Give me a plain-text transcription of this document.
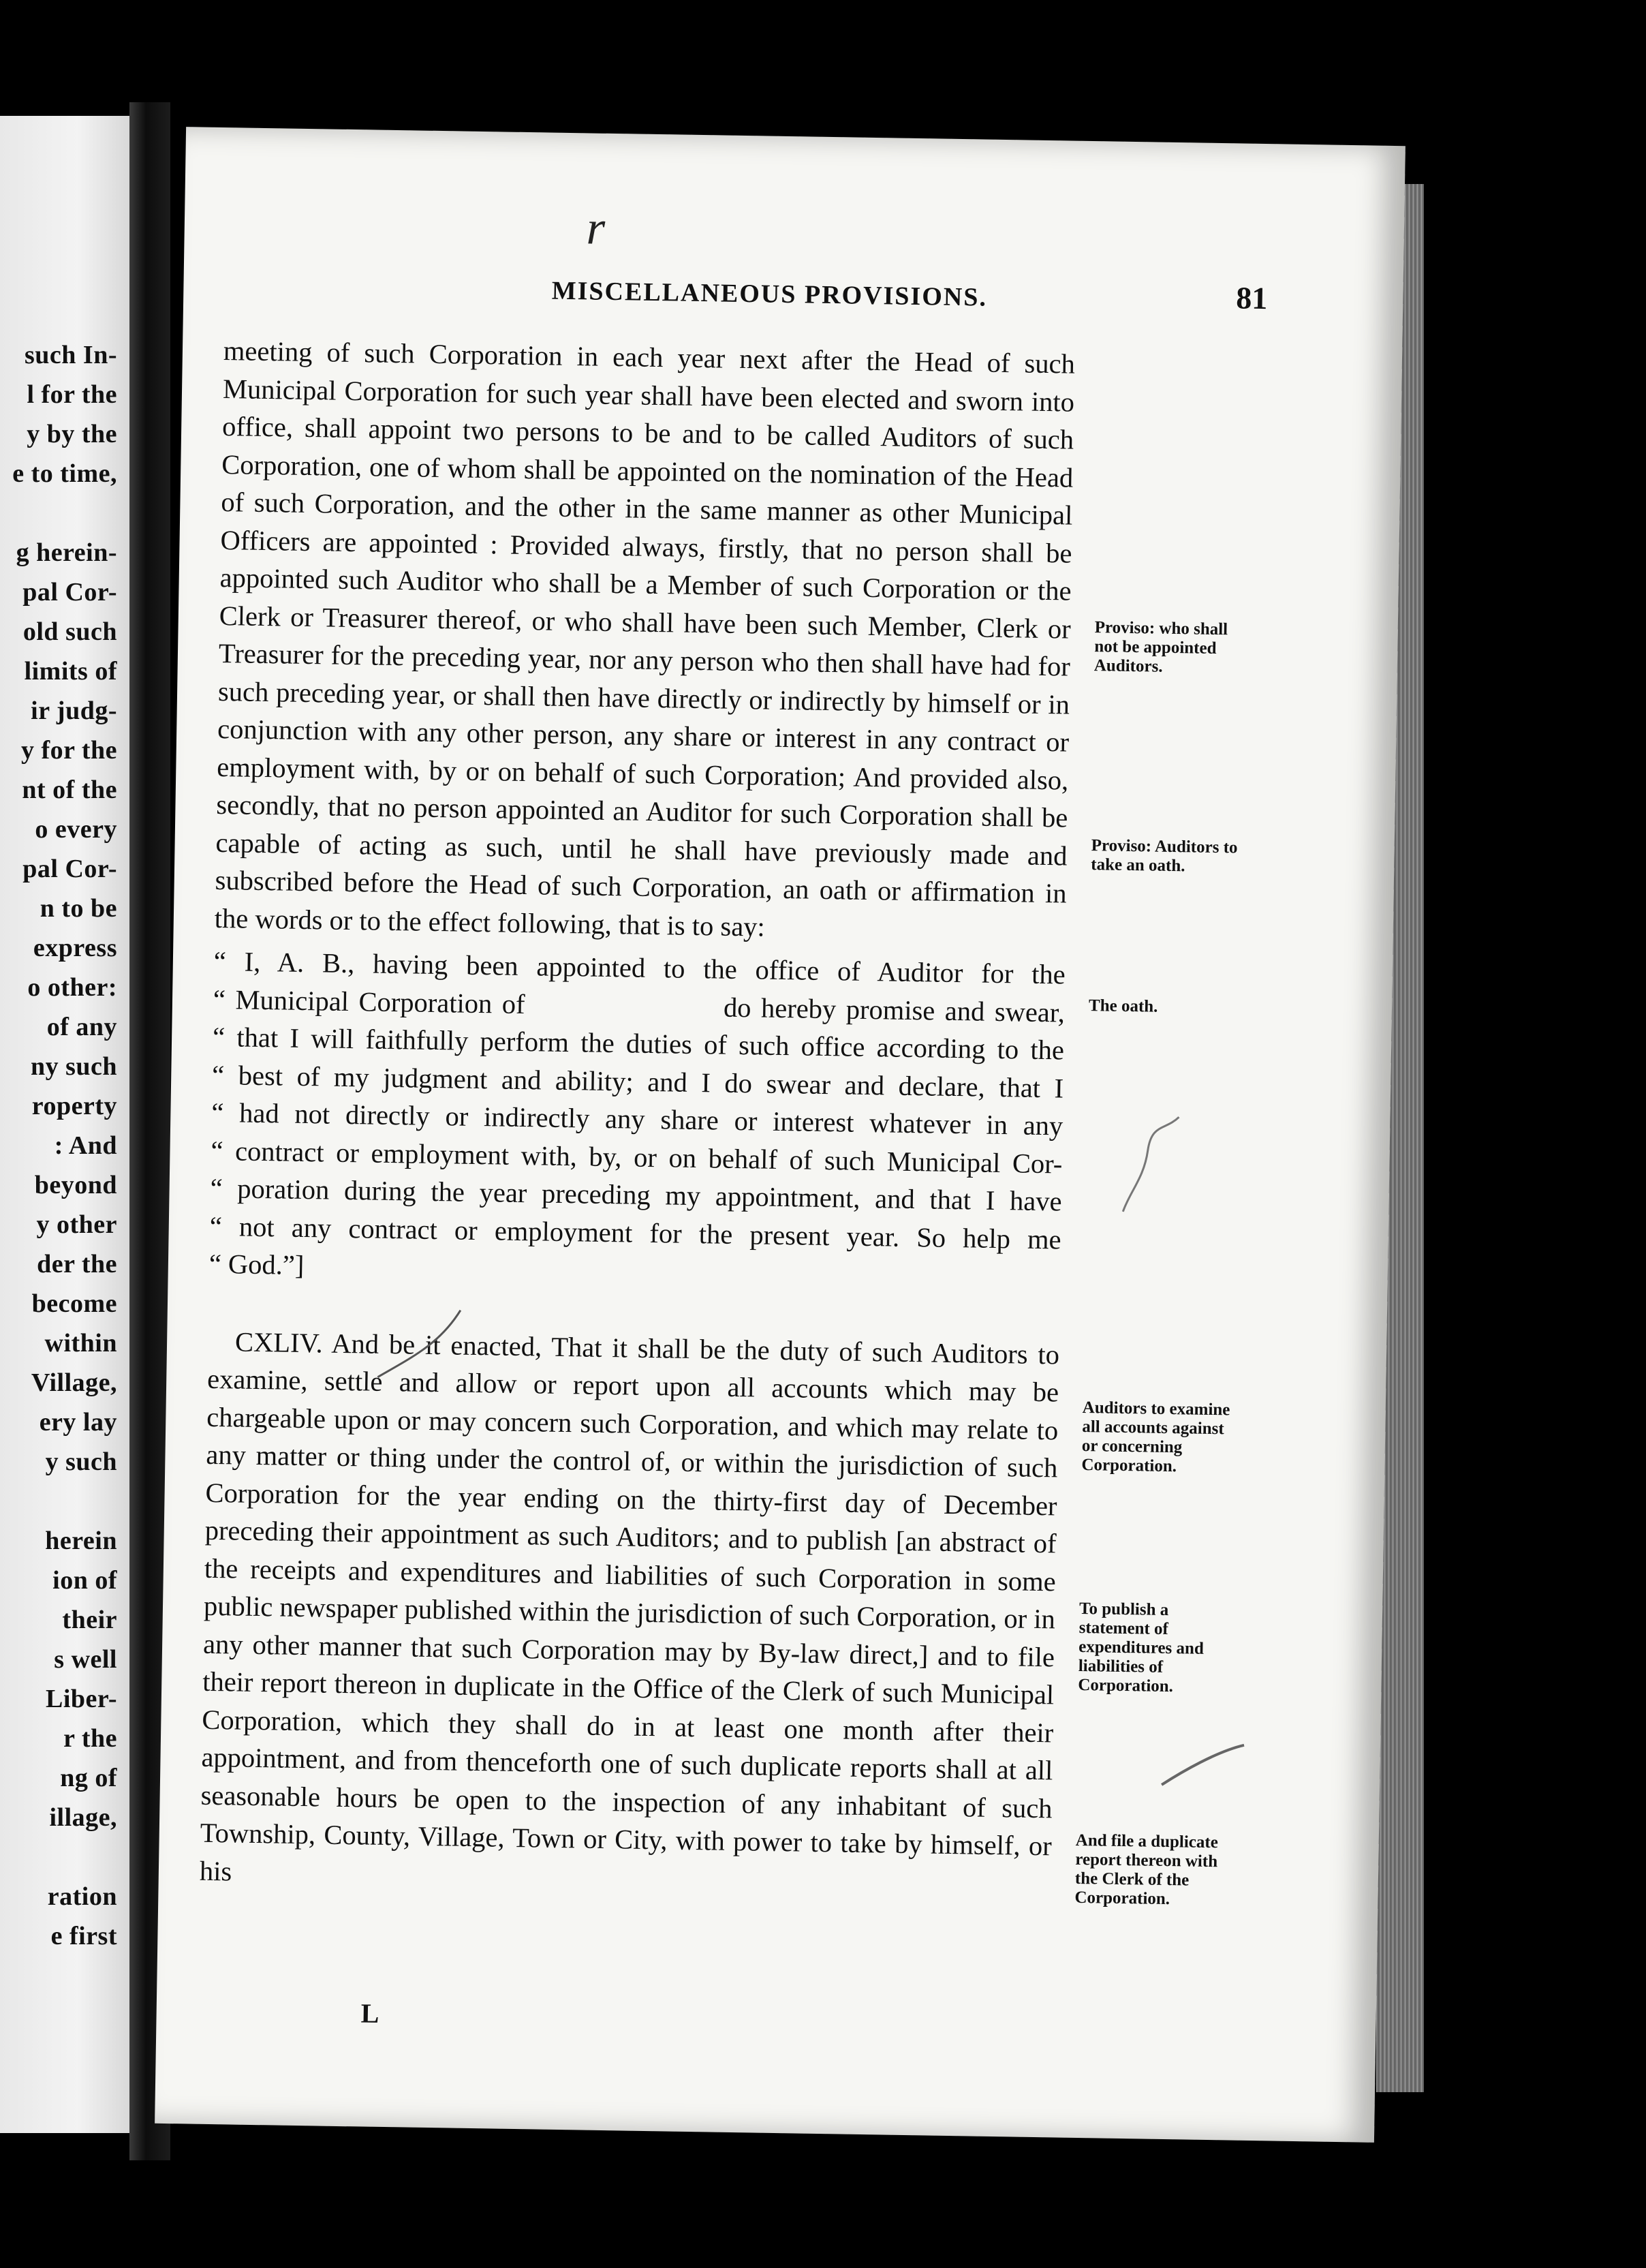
such In-
l for the
y by the
e to time,
g herein-
pal Cor-
old such
limits of
ir judg-
y for the
nt of the
o every
pal Cor-
n to be
express
o other:
of any
ny such
roperty
: And
beyond
y other
der the
become
within
Village,
ery lay
y such
herein
ion of
their
s well
Liber-
r the
ng of
illage,
ration
e first
r
MISCELLANEOUS PROVISIONS.	81

meeting of such Corporation in each year next after the Head of such Municipal Corporation for such year shall have been elected and sworn into office, shall appoint two persons to be and to be called Auditors of such Corporation, one of whom shall be appointed on the nomination of the Head of such Corporation, and the other in the same manner as other Municipal Officers are appointed : Provided always, firstly, that no person shall be appointed such Auditor who shall be a Member of such Corporation or the Clerk or Treasurer thereof, or who shall have been such Member, Clerk or Treasurer for the preceding year, nor any person who then shall have had for such preceding year, or shall then have directly or indirectly by himself or in conjunction with any other person, any share or interest in any contract or employment with, by or on behalf of such Corporation; And provided also, secondly, that no person appointed an Auditor for such Corporation shall be capable of acting as such, until he shall have previously made and subscribed before the Head of such Corporation, an oath or affirmation in the words or to the effect following, that is to say:

“ I, A. B., having been appointed to the office of Auditor for the
“ Municipal Corporation of                    do hereby promise and swear,
“ that I will faithfully perform the duties of such office according to the
“ best of my judgment and ability; and I do swear and declare, that I
“ had not directly or indirectly any share or interest whatever in any
“ contract or employment with, by, or on behalf of such Municipal Cor-
“ poration during the year preceding my appointment, and that I have
“ not any contract or employment for the present year. So help me
“ God.”]

CXLIV. And be it enacted, That it shall be the duty of such Auditors to examine, settle and allow or report upon all accounts which may be chargeable upon or may concern such Corporation, and which may relate to any matter or thing under the control of, or within the jurisdiction of such Corporation for the year ending on the thirty-first day of December preceding their appointment as such Auditors; and to publish [an abstract of the receipts and expenditures and liabilities of such Corporation in some public newspaper published within the jurisdiction of such Corporation, or in any other manner that such Corporation may by By-law direct,] and to file their report thereon in duplicate in the Office of the Clerk of such Municipal Corporation, which they shall do in at least one month after their appointment, and from thenceforth one of such duplicate reports shall at all seasonable hours be open to the inspection of any inhabitant of such Township, County, Village, Town or City, with power to take by himself, or his

Proviso: who shall not be appointed Auditors.
Proviso: Auditors to take an oath.
The oath.
Auditors to examine all accounts against or concerning Corporation.
To publish a statement of expenditures and liabilities of Corporation.
And file a duplicate report thereon with the Clerk of the Corporation.
L
